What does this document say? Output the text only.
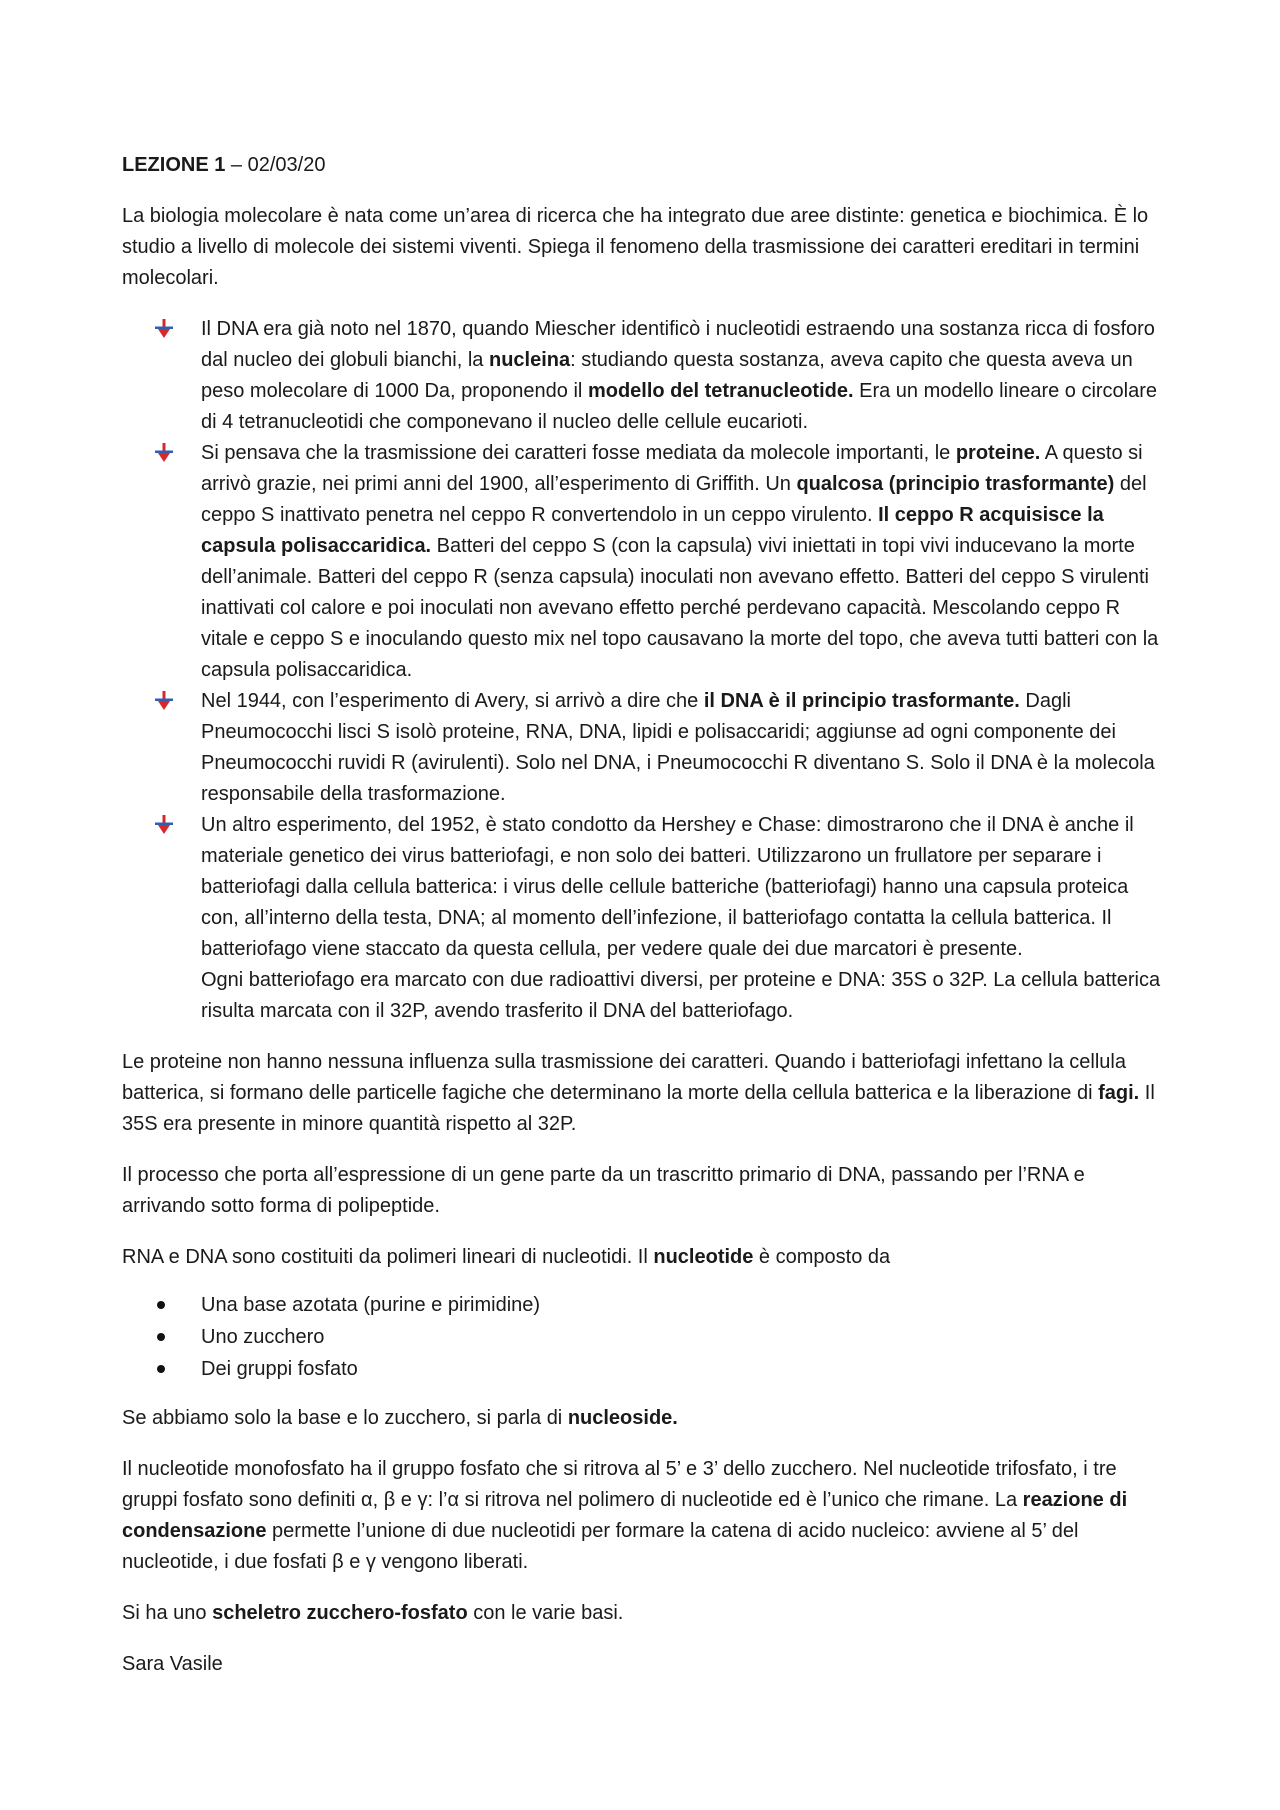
LEZIONE 1 – 02/03/20

La biologia molecolare è nata come un’area di ricerca che ha integrato due aree distinte: genetica e biochimica. È lo studio a livello di molecole dei sistemi viventi. Spiega il fenomeno della trasmissione dei caratteri ereditari in termini molecolari.

Il DNA era già noto nel 1870, quando Miescher identificò i nucleotidi estraendo una sostanza ricca di fosforo dal nucleo dei globuli bianchi, la nucleina: studiando questa sostanza, aveva capito che questa aveva un peso molecolare di 1000 Da, proponendo il modello del tetranucleotide. Era un modello lineare o circolare di 4 tetranucleotidi che componevano il nucleo delle cellule eucarioti.
Si pensava che la trasmissione dei caratteri fosse mediata da molecole importanti, le proteine. A questo si arrivò grazie, nei primi anni del 1900, all’esperimento di Griffith. Un qualcosa (principio trasformante) del ceppo S inattivato penetra nel ceppo R convertendolo in un ceppo virulento. Il ceppo R acquisisce la capsula polisaccaridica. Batteri del ceppo S (con la capsula) vivi iniettati in topi vivi inducevano la morte dell’animale. Batteri del ceppo R (senza capsula) inoculati non avevano effetto. Batteri del ceppo S virulenti inattivati col calore e poi inoculati non avevano effetto perché perdevano capacità. Mescolando ceppo R vitale e ceppo S e inoculando questo mix nel topo causavano la morte del topo, che aveva tutti batteri con la capsula polisaccaridica.
Nel 1944, con l’esperimento di Avery, si arrivò a dire che il DNA è il principio trasformante. Dagli Pneumococchi lisci S isolò proteine, RNA, DNA, lipidi e polisaccaridi; aggiunse ad ogni componente dei Pneumococchi ruvidi R (avirulenti). Solo nel DNA, i Pneumococchi R diventano S. Solo il DNA è la molecola responsabile della trasformazione.
Un altro esperimento, del 1952, è stato condotto da Hershey e Chase: dimostrarono che il DNA è anche il materiale genetico dei virus batteriofagi, e non solo dei batteri. Utilizzarono un frullatore per separare i batteriofagi dalla cellula batterica: i virus delle cellule batteriche (batteriofagi) hanno una capsula proteica con, all’interno della testa, DNA; al momento dell’infezione, il batteriofago contatta la cellula batterica. Il batteriofago viene staccato da questa cellula, per vedere quale dei due marcatori è presente.
Ogni batteriofago era marcato con due radioattivi diversi, per proteine e DNA: 35S o 32P. La cellula batterica risulta marcata con il 32P, avendo trasferito il DNA del batteriofago.

Le proteine non hanno nessuna influenza sulla trasmissione dei caratteri. Quando i batteriofagi infettano la cellula batterica, si formano delle particelle fagiche che determinano la morte della cellula batterica e la liberazione di fagi. Il 35S era presente in minore quantità rispetto al 32P.

Il processo che porta all’espressione di un gene parte da un trascritto primario di DNA, passando per l’RNA e arrivando sotto forma di polipeptide.

RNA e DNA sono costituiti da polimeri lineari di nucleotidi. Il nucleotide è composto da

Una base azotata (purine e pirimidine)
Uno zucchero
Dei gruppi fosfato

Se abbiamo solo la base e lo zucchero, si parla di nucleoside.

Il nucleotide monofosfato ha il gruppo fosfato che si ritrova al 5’ e 3’ dello zucchero. Nel nucleotide trifosfato, i tre gruppi fosfato sono definiti α, β e γ: l’α si ritrova nel polimero di nucleotide ed è l’unico che rimane. La reazione di condensazione permette l’unione di due nucleotidi per formare la catena di acido nucleico: avviene al 5’ del nucleotide, i due fosfati β e γ vengono liberati.

Si ha uno scheletro zucchero-fosfato con le varie basi.

Sara Vasile
